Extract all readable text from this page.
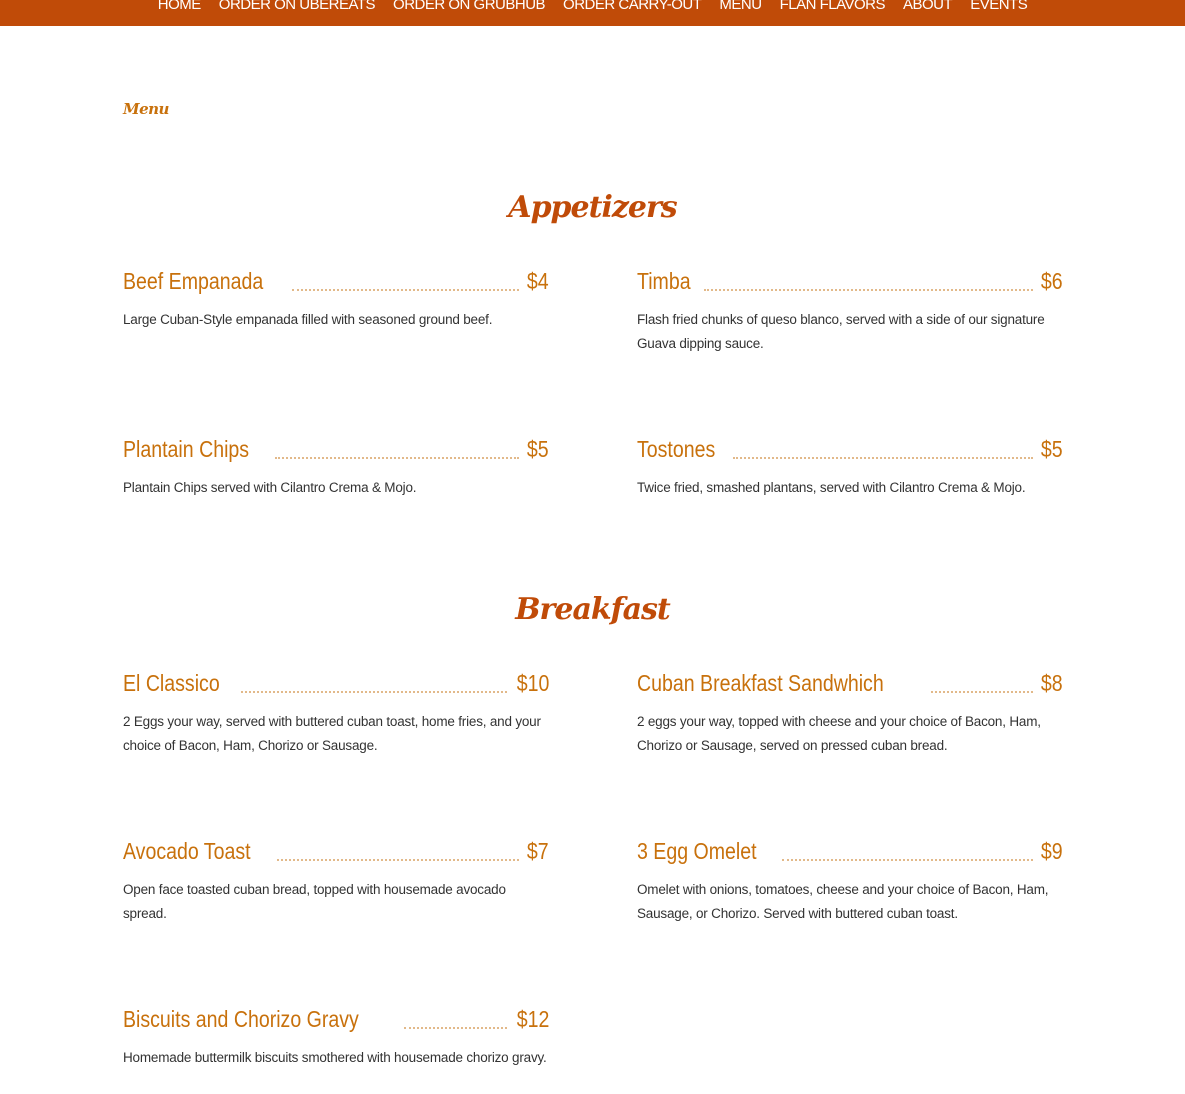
HOME	ORDER ON UBEREATS	ORDER ON GRUBHUB	ORDER CARRY-OUT	MENU	FLAN FLAVORS	ABOUT	EVENTS
Menu
Appetizers
Beef Empanada	$4
Large Cuban-Style empanada filled with seasoned ground beef.
Timba	$6
Flash fried chunks of queso blanco, served with a side of our signature Guava dipping sauce.
Plantain Chips	$5
Plantain Chips served with Cilantro Crema & Mojo.
Tostones	$5
Twice fried, smashed plantans, served with Cilantro Crema & Mojo.
Breakfast
El Classico	$10
2 Eggs your way, served with buttered cuban toast, home fries, and your choice of Bacon, Ham, Chorizo or Sausage.
Cuban Breakfast Sandwhich	$8
2 eggs your way, topped with cheese and your choice of Bacon, Ham, Chorizo or Sausage, served on pressed cuban bread.
Avocado Toast	$7
Open face toasted cuban bread, topped with housemade avocado spread.
3 Egg Omelet	$9
Omelet with onions, tomatoes, cheese and your choice of Bacon, Ham, Sausage, or Chorizo. Served with buttered cuban toast.
Biscuits and Chorizo Gravy	$12
Homemade buttermilk biscuits smothered with housemade chorizo gravy.
